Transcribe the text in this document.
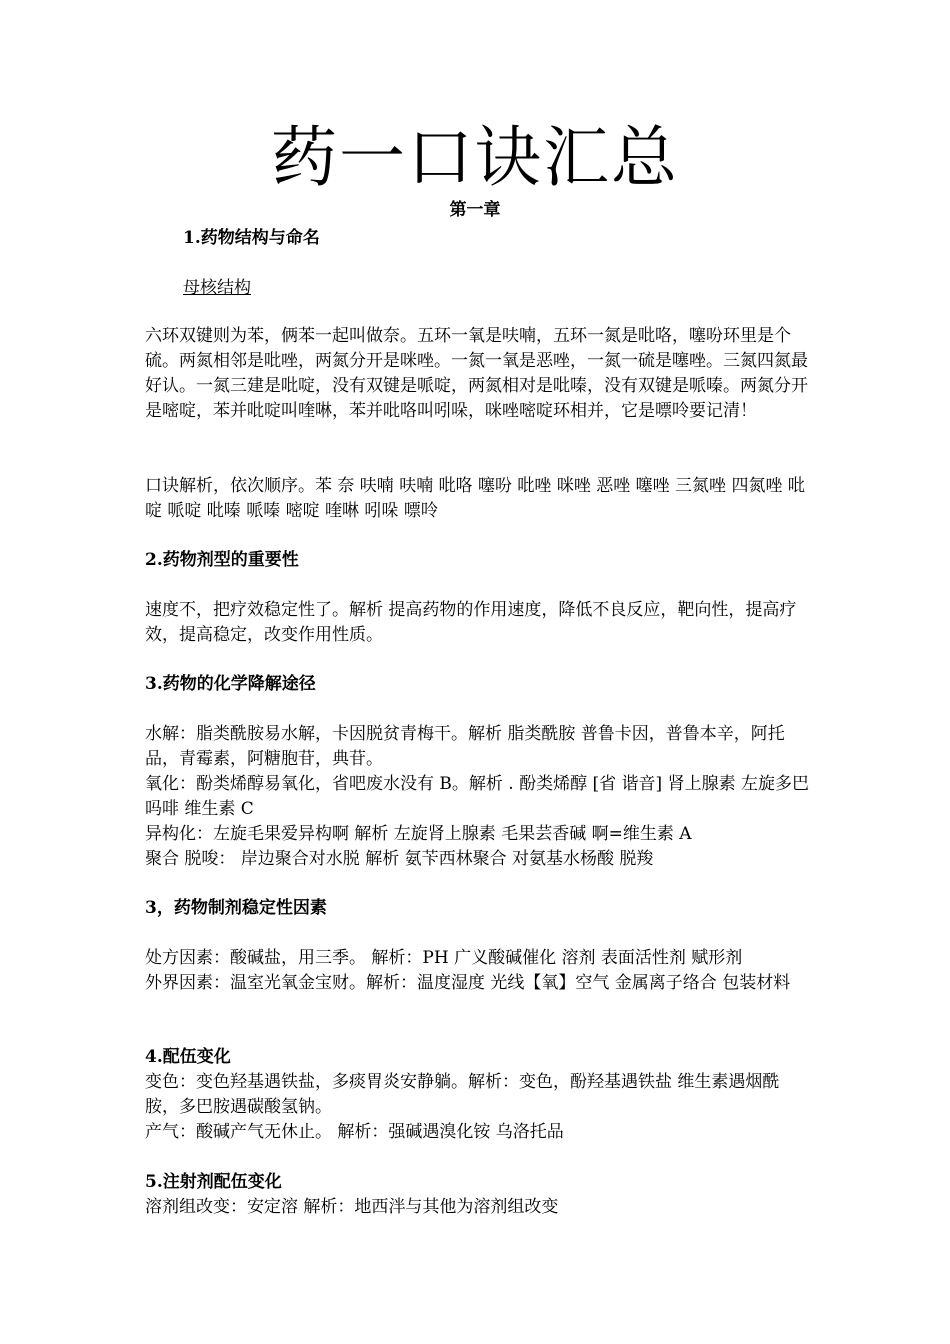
药一口诀汇总
第一章
1.药物结构与命名
母核结构
六环双键则为苯，俩苯一起叫做奈。五环一氧是呋喃，五环一氮是吡咯，噻吩环里是个硫。两氮相邻是吡唑，两氮分开是咪唑。一氮一氧是恶唑，一氮一硫是噻唑。三氮四氮最好认。一氮三建是吡啶，没有双键是哌啶，两氮相对是吡嗪，没有双键是哌嗪。两氮分开是嘧啶，苯并吡啶叫喹啉，苯并吡咯叫吲哚，咪唑嘧啶环相并，它是嘌呤要记清！
口诀解析，依次顺序。苯 奈 呋喃 呋喃 吡咯 噻吩 吡唑 咪唑 恶唑 噻唑 三氮唑 四氮唑 吡啶 哌啶 吡嗪 哌嗪 嘧啶 喹啉 吲哚 嘌呤
2.药物剂型的重要性
速度不，把疗效稳定性了。解析 提高药物的作用速度，降低不良反应，靶向性，提高疗效，提高稳定，改变作用性质。
3.药物的化学降解途径

水解：脂类酰胺易水解，卡因脱贫青梅干。解析 脂类酰胺 普鲁卡因，普鲁本辛，阿托品，青霉素，阿糖胞苷，典苷。

氧化：酚类烯醇易氧化，省吧废水没有 B。解析 . 酚类烯醇 [省 谐音] 肾上腺素 左旋多巴 吗啡 维生素 C

异构化：左旋毛果爱异构啊 解析 左旋肾上腺素 毛果芸香碱 啊=维生素 A

聚合 脱唆： 岸边聚合对水脱 解析 氨苄西林聚合 对氨基水杨酸 脱羧

3，药物制剂稳定性因素

处方因素：酸碱盐，用三季。 解析：PH 广义酸碱催化 溶剂 表面活性剂 赋形剂

外界因素：温室光氧金宝财。解析：温度湿度 光线【氧】空气 金属离子络合 包装材料

4.配伍变化

变色：变色羟基遇铁盐，多痰胃炎安静躺。解析：变色，酚羟基遇铁盐 维生素遇烟酰胺，多巴胺遇碳酸氢钠。

产气：酸碱产气无休止。 解析：强碱遇溴化铵 乌洛托品

5.注射剂配伍变化
溶剂组改变：安定溶 解析：地西泮与其他为溶剂组改变
